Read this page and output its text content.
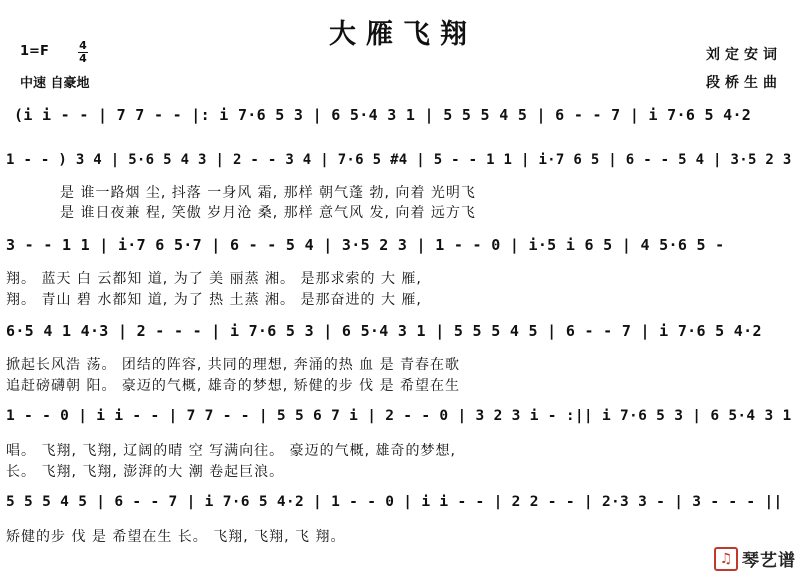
大雁飞翔
1=F	4
4
中速 自豪地
刘定安词
段桥生曲
(i i - - | 7 7 - - |: i 7·6 5 3 | 6 5·4 3 1 | 5 5 5 4 5 | 6 - - 7 | i 7·6 5 4·2
1 - - ) 3 4 | 5·6 5 4 3 | 2 - - 3 4 | 7·6 5 #4 | 5 - - 1 1 | i·7 6 5 | 6 - - 5 4 | 3·5 2 3
是 谁一路烟 尘, 抖落 一身风 霜, 那样 朝气蓬 勃, 向着 光明飞
是 谁日夜兼 程, 笑傲 岁月沧 桑, 那样 意气风 发, 向着 远方飞
3 - - 1 1 | i·7 6 5·7 | 6 - - 5 4 | 3·5 2 3 | 1 - - 0 | i·5 i 6 5 | 4 5·6 5 -
翔。 蓝天 白 云都知 道, 为了 美 丽蒸 湘。 是那求索的 大 雁,
翔。 青山 碧 水都知 道, 为了 热 土蒸 湘。 是那奋进的 大 雁,
6·5 4 1 4·3 | 2 - - - | i 7·6 5 3 | 6 5·4 3 1 | 5 5 5 4 5 | 6 - - 7 | i 7·6 5 4·2
掀起长风浩 荡。 团结的阵容, 共同的理想, 奔涌的热 血 是 青春在歌
追赶磅礴朝 阳。 豪迈的气概, 雄奇的梦想, 矫健的步 伐 是 希望在生
1 - - 0 | i i - - | 7 7 - - | 5 5 6 7 i | 2 - - 0 | 3 2 3 i - :|| i 7·6 5 3 | 6 5·4 3 1
唱。 飞翔, 飞翔, 辽阔的晴 空 写满向往。 豪迈的气概, 雄奇的梦想,
长。 飞翔, 飞翔, 澎湃的大 潮 卷起巨浪。
5 5 5 4 5 | 6 - - 7 | i 7·6 5 4·2 | 1 - - 0 | i i - - | 2 2 - - | 2·3 3 - | 3 - - - ||
矫健的步 伐 是 希望在生 长。 飞翔, 飞翔, 飞 翔。
♫ 琴艺谱
